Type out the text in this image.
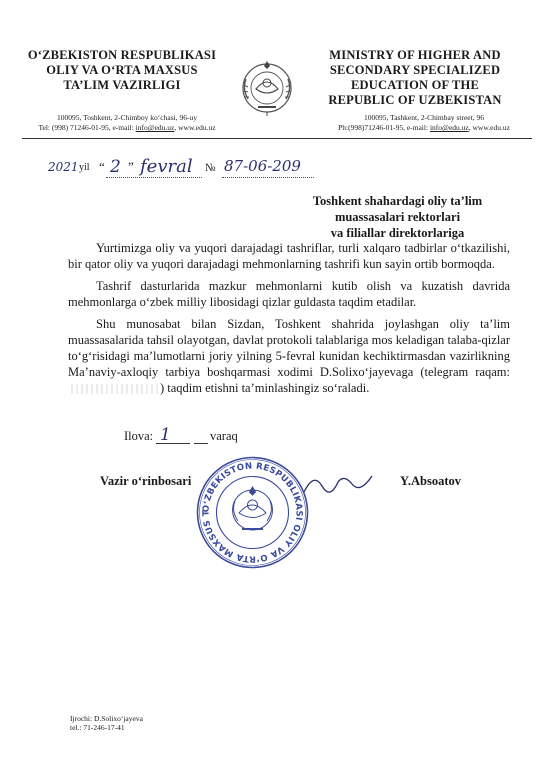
O‘ZBEKISTON RESPUBLIKASI
OLIY VA O‘RTA MAXSUS
TA’LIM VAZIRLIGI
100095, Toshkent, 2-Chimboy ko‘chasi, 96-uy
Tel: (998) 71246-01-95, e-mail: info@edu.uz, www.edu.uz
MINISTRY OF HIGHER AND
SECONDARY SPECIALIZED
EDUCATION OF THE
REPUBLIC OF UZBEKISTAN
100095, Tashkent, 2-Chimbay street, 96
Ph:(998)71246-01-95, e-mail: info@edu.uz, www.edu.uz
2021 yil “ 2 ” fevral № 87-06-209
Toshkent shahardagi oliy ta’lim
muassasalari rektorlari
va filiallar direktorlariga

Yurtimizga oliy va yuqori darajadagi tashriflar, turli xalqaro tadbirlar o‘tkazilishi, bir qator oliy va yuqori darajadagi mehmonlarning tashrifi kun sayin ortib bormoqda.

Tashrif dasturlarida mazkur mehmonlarni kutib olish va kuzatish davrida mehmonlarga o‘zbek milliy libosidagi qizlar guldasta taqdim etadilar.

Shu munosabat bilan Sizdan, Toshkent shahrida joylashgan oliy ta’lim muassasalarida tahsil olayotgan, davlat protokoli talablariga mos keladigan talaba-qizlar to‘g‘risidagi ma’lumotlarni joriy yilning 5-fevral kunidan kechiktirmasdan vazirlikning Ma’naviy-axloqiy tarbiya boshqarmasi xodimi D.Solixo‘jayevaga (telegram raqam:) taqdim etishni ta’minlashingiz so‘raladi.

Ilova: 1	varaq
Vazir o‘rinbosari	Y.Absoatov
O‘ZBEKISTON RESPUBLIKASI OLIY VA O‘RTA MAXSUS T
Ijrochi: D.Solixo‘jayeva
tel.: 71-246-17-41
